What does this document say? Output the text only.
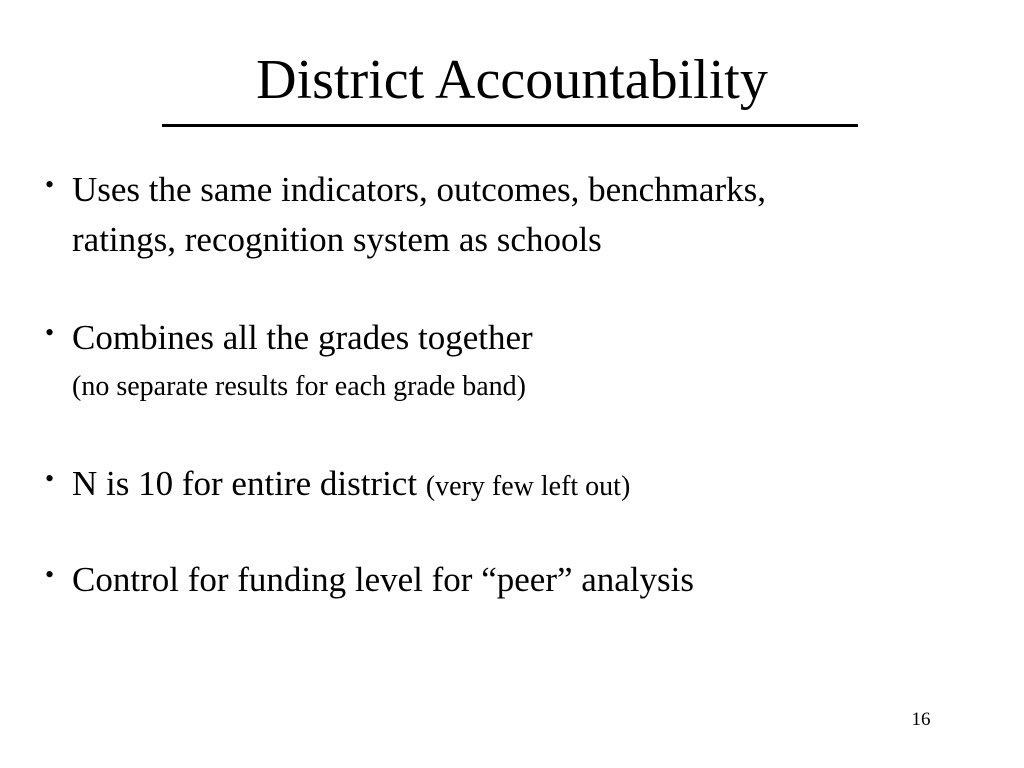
District Accountability
• Uses the same indicators, outcomes, benchmarks,
ratings, recognition system as schools
• Combines all the grades together
(no separate results for each grade band)
• N is 10 for entire district (very few left out)
• Control for funding level for “peer” analysis
16
